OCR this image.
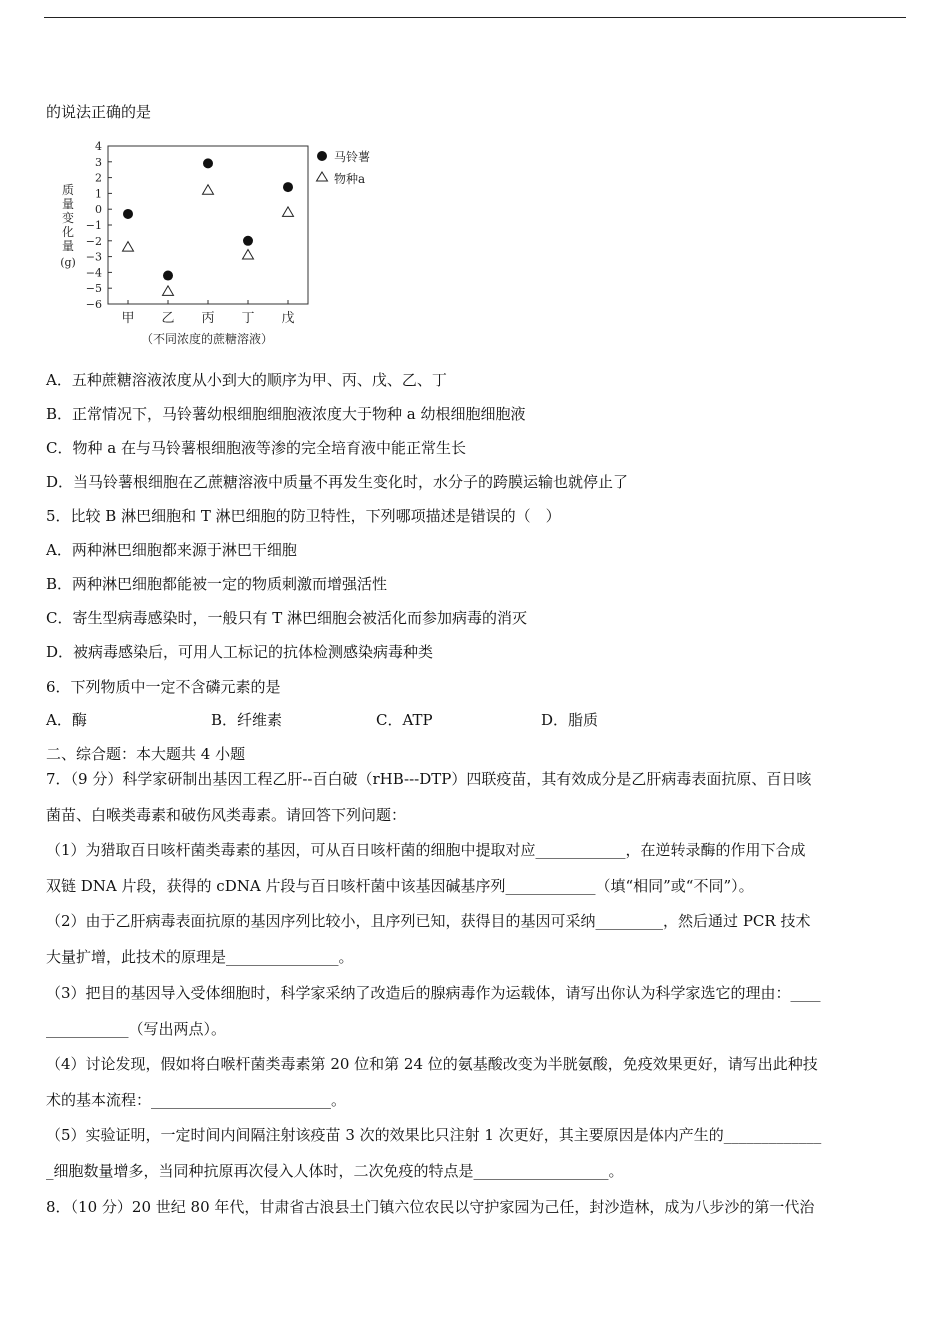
的说法正确的是
4
3
2
1
0
−1
−2
−3
−4
−5
−6
甲 乙 丙 丁 戊
质
量
变
化
量
(g)
（不同浓度的蔗糖溶液）
马铃薯
物种a
A．五种蔗糖溶液浓度从小到大的顺序为甲、丙、戊、乙、丁
B．正常情况下，马铃薯幼根细胞细胞液浓度大于物种 a 幼根细胞细胞液
C．物种 a 在与马铃薯根细胞液等渗的完全培育液中能正常生长
D．当马铃薯根细胞在乙蔗糖溶液中质量不再发生变化时，水分子的跨膜运输也就停止了
5．比较 B 淋巴细胞和 T 淋巴细胞的防卫特性，下列哪项描述是错误的（　）
A．两种淋巴细胞都来源于淋巴干细胞
B．两种淋巴细胞都能被一定的物质刺激而增强活性
C．寄生型病毒感染时，一般只有 T 淋巴细胞会被活化而参加病毒的消灭
D．被病毒感染后，可用人工标记的抗体检测感染病毒种类
6．下列物质中一定不含磷元素的是
A．酶	B．纤维素	C．ATP	D．脂质
二、综合题：本大题共 4 小题
7．（9 分）科学家研制出基因工程乙肝--百白破（rHB---DTP）四联疫苗，其有效成分是乙肝病毒表面抗原、百日咳
菌苗、白喉类毒素和破伤风类毒素。请回答下列问题：
（1）为猎取百日咳杆菌类毒素的基因，可从百日咳杆菌的细胞中提取对应____________，在逆转录酶的作用下合成
双链 DNA 片段，获得的 cDNA 片段与百日咳杆菌中该基因碱基序列____________（填“相同”或“不同”）。
（2）由于乙肝病毒表面抗原的基因序列比较小，且序列已知，获得目的基因可采纳_________，然后通过 PCR 技术
大量扩增，此技术的原理是_______________。
（3）把目的基因导入受体细胞时，科学家采纳了改造后的腺病毒作为运载体，请写出你认为科学家选它的理由：____
___________（写出两点）。
（4）讨论发现，假如将白喉杆菌类毒素第 20 位和第 24 位的氨基酸改变为半胱氨酸，免疫效果更好，请写出此种技
术的基本流程：________________________。
（5）实验证明，一定时间内间隔注射该疫苗 3 次的效果比只注射 1 次更好，其主要原因是体内产生的_____________
_细胞数量增多，当同种抗原再次侵入人体时，二次免疫的特点是__________________。
8．（10 分）20 世纪 80 年代，甘肃省古浪县土门镇六位农民以守护家园为己任，封沙造林，成为八步沙的第一代治
